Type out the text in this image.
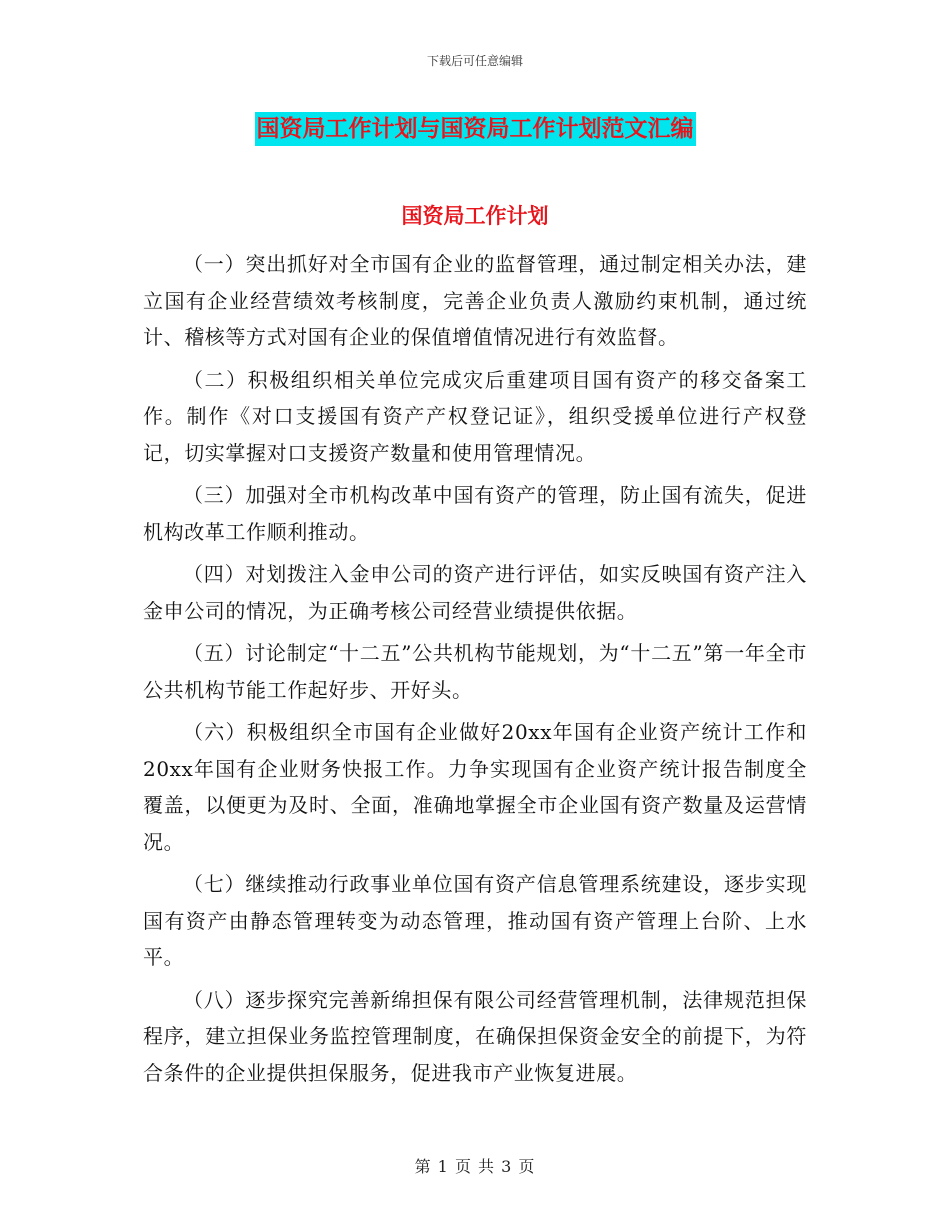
下载后可任意编辑
国资局工作计划与国资局工作计划范文汇编
国资局工作计划

（一）突出抓好对全市国有企业的监督管理，通过制定相关办法，建立国有企业经营绩效考核制度，完善企业负责人激励约束机制，通过统计、稽核等方式对国有企业的保值增值情况进行有效监督。

（二）积极组织相关单位完成灾后重建项目国有资产的移交备案工作。制作《对口支援国有资产产权登记证》，组织受援单位进行产权登记，切实掌握对口支援资产数量和使用管理情况。

（三）加强对全市机构改革中国有资产的管理，防止国有流失，促进机构改革工作顺利推动。

（四）对划拨注入金申公司的资产进行评估，如实反映国有资产注入金申公司的情况，为正确考核公司经营业绩提供依据。

（五）讨论制定“十二五”公共机构节能规划，为“十二五”第一年全市公共机构节能工作起好步、开好头。

（六）积极组织全市国有企业做好20xx年国有企业资产统计工作和20xx年国有企业财务快报工作。力争实现国有企业资产统计报告制度全覆盖，以便更为及时、全面，准确地掌握全市企业国有资产数量及运营情况。

（七）继续推动行政事业单位国有资产信息管理系统建设，逐步实现国有资产由静态管理转变为动态管理，推动国有资产管理上台阶、上水平。

（八）逐步探究完善新绵担保有限公司经营管理机制，法律规范担保程序，建立担保业务监控管理制度，在确保担保资金安全的前提下，为符合条件的企业提供担保服务，促进我市产业恢复进展。

第 1 页 共 3 页
